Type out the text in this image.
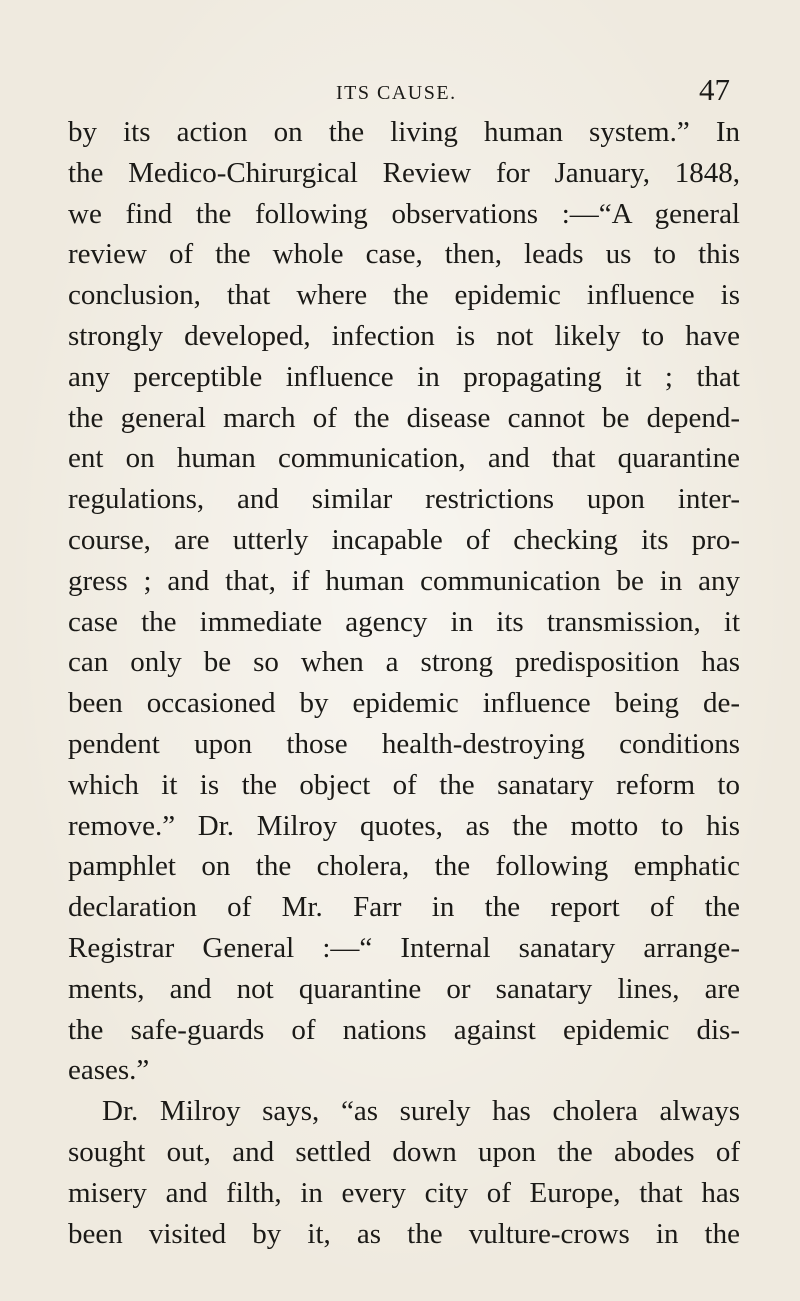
ITS CAUSE.	47
by its action on the living human system.” In
the Medico-Chirurgical Review for January, 1848,
we find the following observations :—“A general
review of the whole case, then, leads us to this
conclusion, that where the epidemic influence is
strongly developed, infection is not likely to have
any perceptible influence in propagating it ; that
the general march of the disease cannot be depend-
ent on human communication, and that quarantine
regulations, and similar restrictions upon inter-
course, are utterly incapable of checking its pro-
gress ; and that, if human communication be in any
case the immediate agency in its transmission, it
can only be so when a strong predisposition has
been occasioned by epidemic influence being de-
pendent upon those health-destroying conditions
which it is the object of the sanatary reform to
remove.” Dr. Milroy quotes, as the motto to his
pamphlet on the cholera, the following emphatic
declaration of Mr. Farr in the report of the
Registrar General :—“ Internal sanatary arrange-
ments, and not quarantine or sanatary lines, are
the safe-guards of nations against epidemic dis-
eases.”
Dr. Milroy says, “as surely has cholera always
sought out, and settled down upon the abodes of
misery and filth, in every city of Europe, that has
been visited by it, as the vulture-crows in the
